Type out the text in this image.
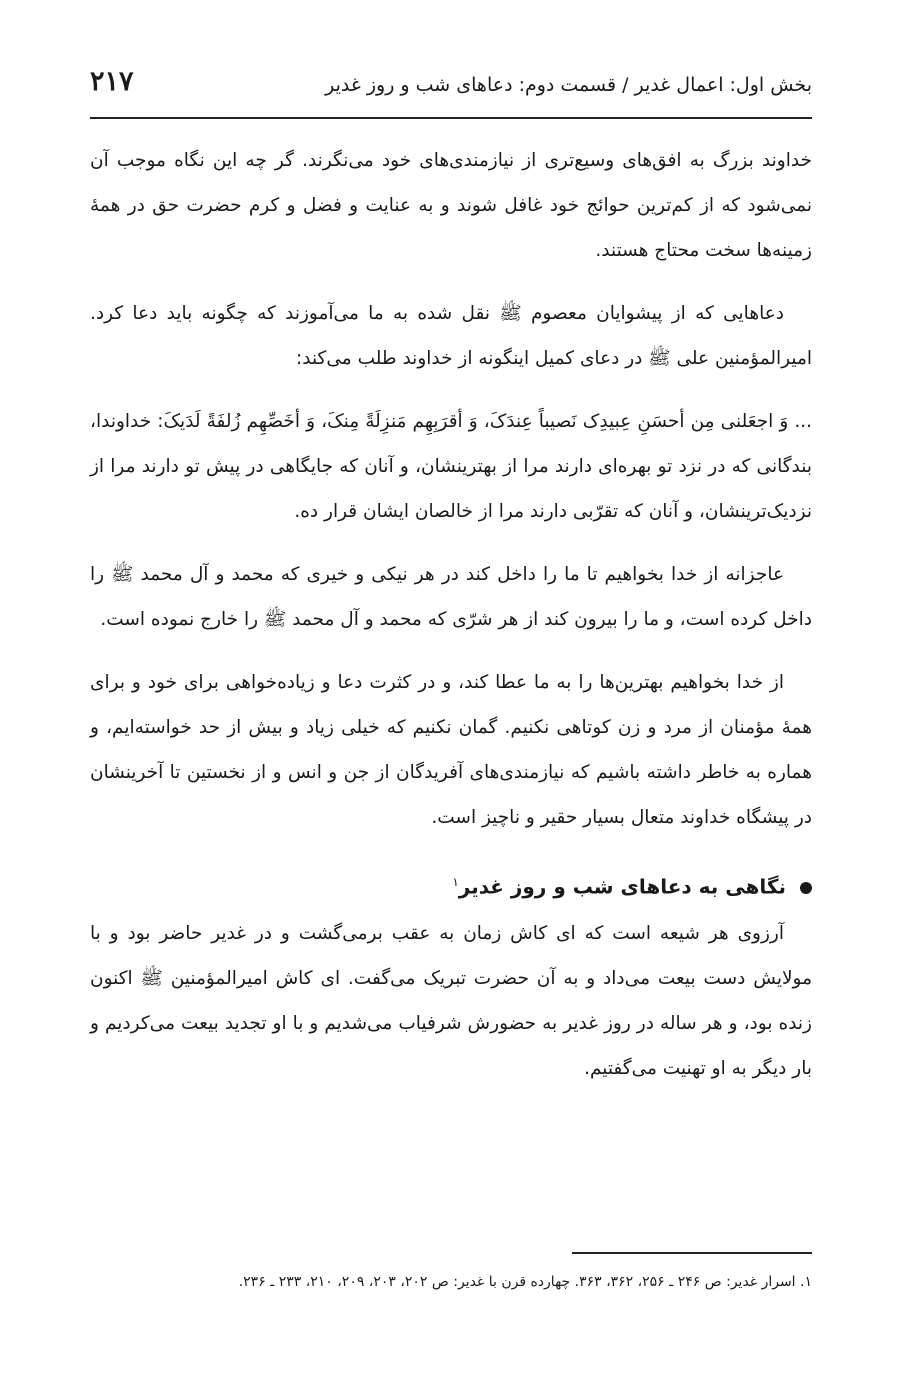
بخش اول: اعمال غدیر / قسمت دوم: دعاهای شب و روز غدیر
۲۱۷

خداوند بزرگ به افق‌های وسیع‌تری از نیازمندی‌های خود می‌نگرند. گر چه این نگاه موجب آن نمی‌شود که از کم‌ترین حوائج خود غافل شوند و به عنایت و فضل و کرم حضرت حق در همهٔ زمینه‌ها سخت محتاج هستند.

دعاهایی که از پیشوایان معصوم ﷺ نقل شده به ما می‌آموزند که چگونه باید دعا کرد. امیرالمؤمنین علی ﷺ در دعای کمیل اینگونه از خداوند طلب می‌کند:

... وَ اجعَلنی مِن أحسَنِ عِبیدِک نَصیباً عِندَکَ، وَ أقرَبِهِم مَنزِلَةً مِنکَ، وَ أخَصِّهِم زُلفَةً لَدَیکَ: خداوندا، بندگانی که در نزد تو بهره‌ای دارند مرا از بهترینشان، و آنان که جایگاهی در پیش تو دارند مرا از نزدیک‌ترینشان، و آنان که تقرّبی دارند مرا از خالصان ایشان قرار ده.

عاجزانه از خدا بخواهیم تا ما را داخل کند در هر نیکی و خیری که محمد و آل محمد ﷺ را داخل کرده است، و ما را بیرون کند از هر شرّی که محمد و آل محمد ﷺ را خارج نموده است.

از خدا بخواهیم بهترین‌ها را به ما عطا کند، و در کثرت دعا و زیاده‌خواهی برای خود و برای همهٔ مؤمنان از مرد و زن کوتاهی نکنیم. گمان نکنیم که خیلی زیاد و بیش از حد خواسته‌ایم، و هماره به خاطر داشته باشیم که نیازمندی‌های آفریدگان از جن و انس و از نخستین تا آخرینشان در پیشگاه خداوند متعال بسیار حقیر و ناچیز است.

نگاهی به دعاهای شب و روز غدیر$^۱$

آرزوی هر شیعه است که ای کاش زمان به عقب برمی‌گشت و در غدیر حاضر بود و با مولایش دست بیعت می‌داد و به آن حضرت تبریک می‌گفت. ای کاش امیرالمؤمنین ﷺ اکنون زنده بود، و هر ساله در روز غدیر به حضورش شرفیاب می‌شدیم و با او تجدید بیعت می‌کردیم و بار دیگر به او تهنیت می‌گفتیم.

۱. اسرار غدیر: ص ۲۴۶ ـ ۲۵۶، ۳۶۲، ۳۶۳. چهارده قرن با غدیر: ص ۲۰۲، ۲۰۳، ۲۰۹، ۲۱۰، ۲۳۳ ـ ۲۳۶.
